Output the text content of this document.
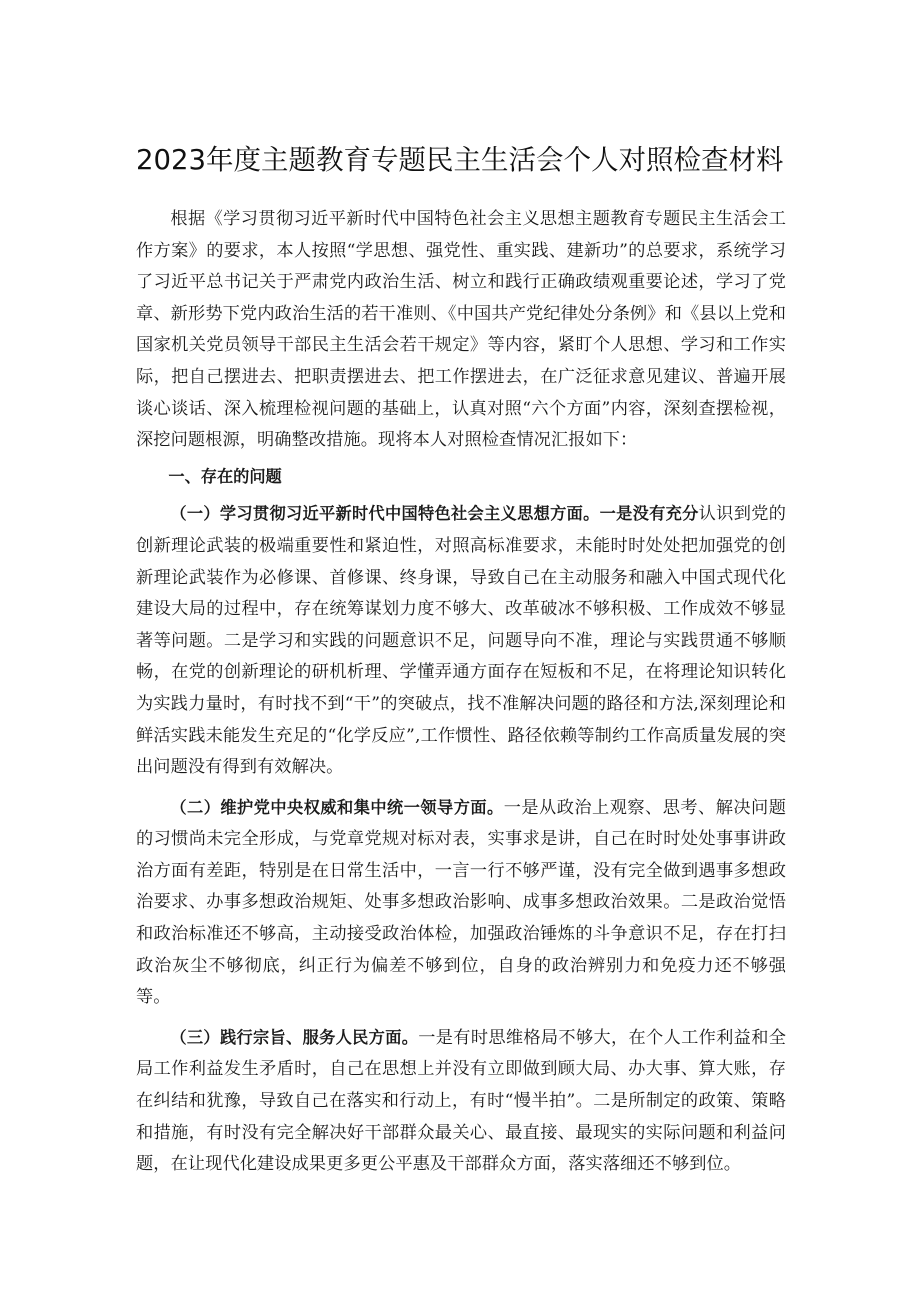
2023年度主题教育专题民主生活会个人对照检查材料

根据《学习贯彻习近平新时代中国特色社会主义思想主题教育专题民主生活会工作方案》的要求，本人按照“学思想、强党性、重实践、建新功”的总要求，系统学习了习近平总书记关于严肃党内政治生活、树立和践行正确政绩观重要论述，学习了党章、新形势下党内政治生活的若干准则、《中国共产党纪律处分条例》和《县以上党和国家机关党员领导干部民主生活会若干规定》等内容，紧盯个人思想、学习和工作实际，把自己摆进去、把职责摆进去、把工作摆进去，在广泛征求意见建议、普遍开展谈心谈话、深入梳理检视问题的基础上，认真对照“六个方面”内容，深刻查摆检视，深挖问题根源，明确整改措施。现将本人对照检查情况汇报如下：

一、存在的问题

（一）学习贯彻习近平新时代中国特色社会主义思想方面。一是没有充分认识到党的创新理论武装的极端重要性和紧迫性，对照高标准要求，未能时时处处把加强党的创新理论武装作为必修课、首修课、终身课，导致自己在主动服务和融入中国式现代化建设大局的过程中，存在统筹谋划力度不够大、改革破冰不够积极、工作成效不够显著等问题。二是学习和实践的问题意识不足，问题导向不准，理论与实践贯通不够顺畅，在党的创新理论的研机析理、学懂弄通方面存在短板和不足，在将理论知识转化为实践力量时，有时找不到“干”的突破点，找不准解决问题的路径和方法,深刻理论和鲜活实践未能发生充足的“化学反应”,工作惯性、路径依赖等制约工作高质量发展的突出问题没有得到有效解决。

（二）维护党中央权威和集中统一领导方面。一是从政治上观察、思考、解决问题的习惯尚未完全形成，与党章党规对标对表，实事求是讲，自己在时时处处事事讲政治方面有差距，特别是在日常生活中，一言一行不够严谨，没有完全做到遇事多想政治要求、办事多想政治规矩、处事多想政治影响、成事多想政治效果。二是政治觉悟和政治标准还不够高，主动接受政治体检，加强政治锤炼的斗争意识不足，存在打扫政治灰尘不够彻底，纠正行为偏差不够到位，自身的政治辨别力和免疫力还不够强等。

（三）践行宗旨、服务人民方面。一是有时思维格局不够大，在个人工作利益和全局工作利益发生矛盾时，自己在思想上并没有立即做到顾大局、办大事、算大账，存在纠结和犹豫，导致自己在落实和行动上，有时“慢半拍”。二是所制定的政策、策略和措施，有时没有完全解决好干部群众最关心、最直接、最现实的实际问题和利益问题，在让现代化建设成果更多更公平惠及干部群众方面，落实落细还不够到位。
